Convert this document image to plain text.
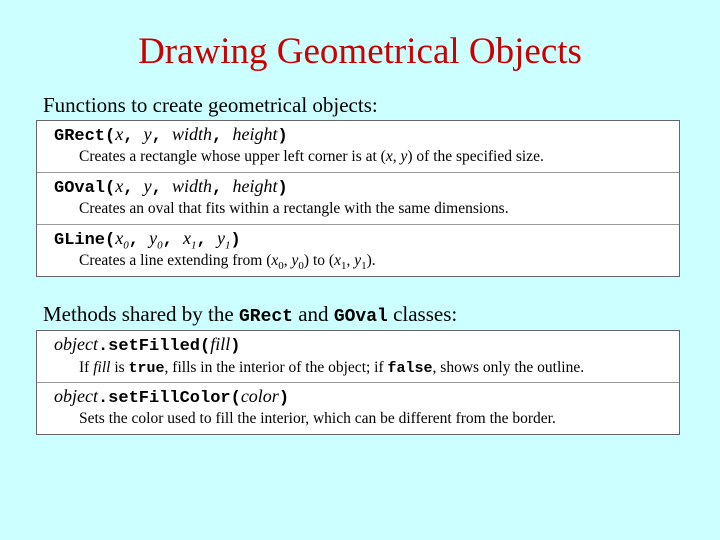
Drawing Geometrical Objects
Functions to create geometrical objects:
GRect(x, y, width, height)
Creates a rectangle whose upper left corner is at (x, y) of the specified size.
GOval(x, y, width, height)
Creates an oval that fits within a rectangle with the same dimensions.
$GLine(x_0$, $y_0$, $x_1$, $y_1$)
Creates a line extending from ($x_0$, $y_0$) to ($x_1$, $y_1$).
Methods shared by the GRect and GOval classes:
object.setFilled(fill)
If fill is true, fills in the interior of the object; if false, shows only the outline.
object.setFillColor(color)
Sets the color used to fill the interior, which can be different from the border.
